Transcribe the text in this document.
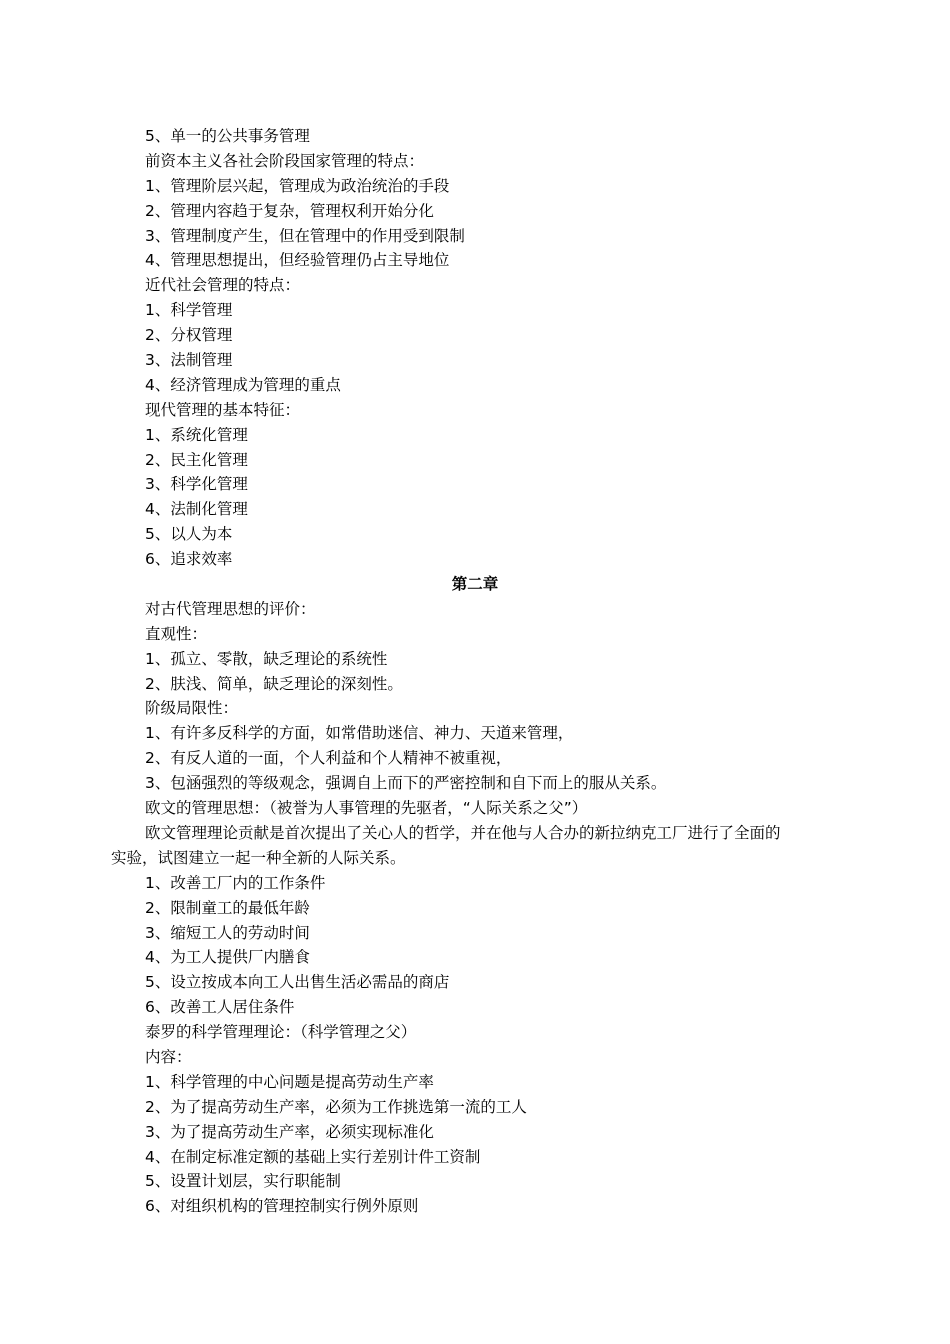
5、单一的公共事务管理
前资本主义各社会阶段国家管理的特点：
1、管理阶层兴起，管理成为政治统治的手段
2、管理内容趋于复杂，管理权利开始分化
3、管理制度产生，但在管理中的作用受到限制
4、管理思想提出，但经验管理仍占主导地位
近代社会管理的特点：
1、科学管理
2、分权管理
3、法制管理
4、经济管理成为管理的重点
现代管理的基本特征：
1、系统化管理
2、民主化管理
3、科学化管理
4、法制化管理
5、以人为本
6、追求效率
第二章
对古代管理思想的评价：
直观性：
1、孤立、零散，缺乏理论的系统性
2、肤浅、简单，缺乏理论的深刻性。
阶级局限性：
1、有许多反科学的方面，如常借助迷信、神力、天道来管理，
2、有反人道的一面，个人利益和个人精神不被重视，
3、包涵强烈的等级观念，强调自上而下的严密控制和自下而上的服从关系。
欧文的管理思想：（被誉为人事管理的先驱者，“人际关系之父”）
欧文管理理论贡献是首次提出了关心人的哲学，并在他与人合办的新拉纳克工厂进行了全面的
实验，试图建立一起一种全新的人际关系。
1、改善工厂内的工作条件
2、限制童工的最低年龄
3、缩短工人的劳动时间
4、为工人提供厂内膳食
5、设立按成本向工人出售生活必需品的商店
6、改善工人居住条件
泰罗的科学管理理论：（科学管理之父）
内容：
1、科学管理的中心问题是提高劳动生产率
2、为了提高劳动生产率，必须为工作挑选第一流的工人
3、为了提高劳动生产率，必须实现标准化
4、在制定标准定额的基础上实行差别计件工资制
5、设置计划层，实行职能制
6、对组织机构的管理控制实行例外原则
